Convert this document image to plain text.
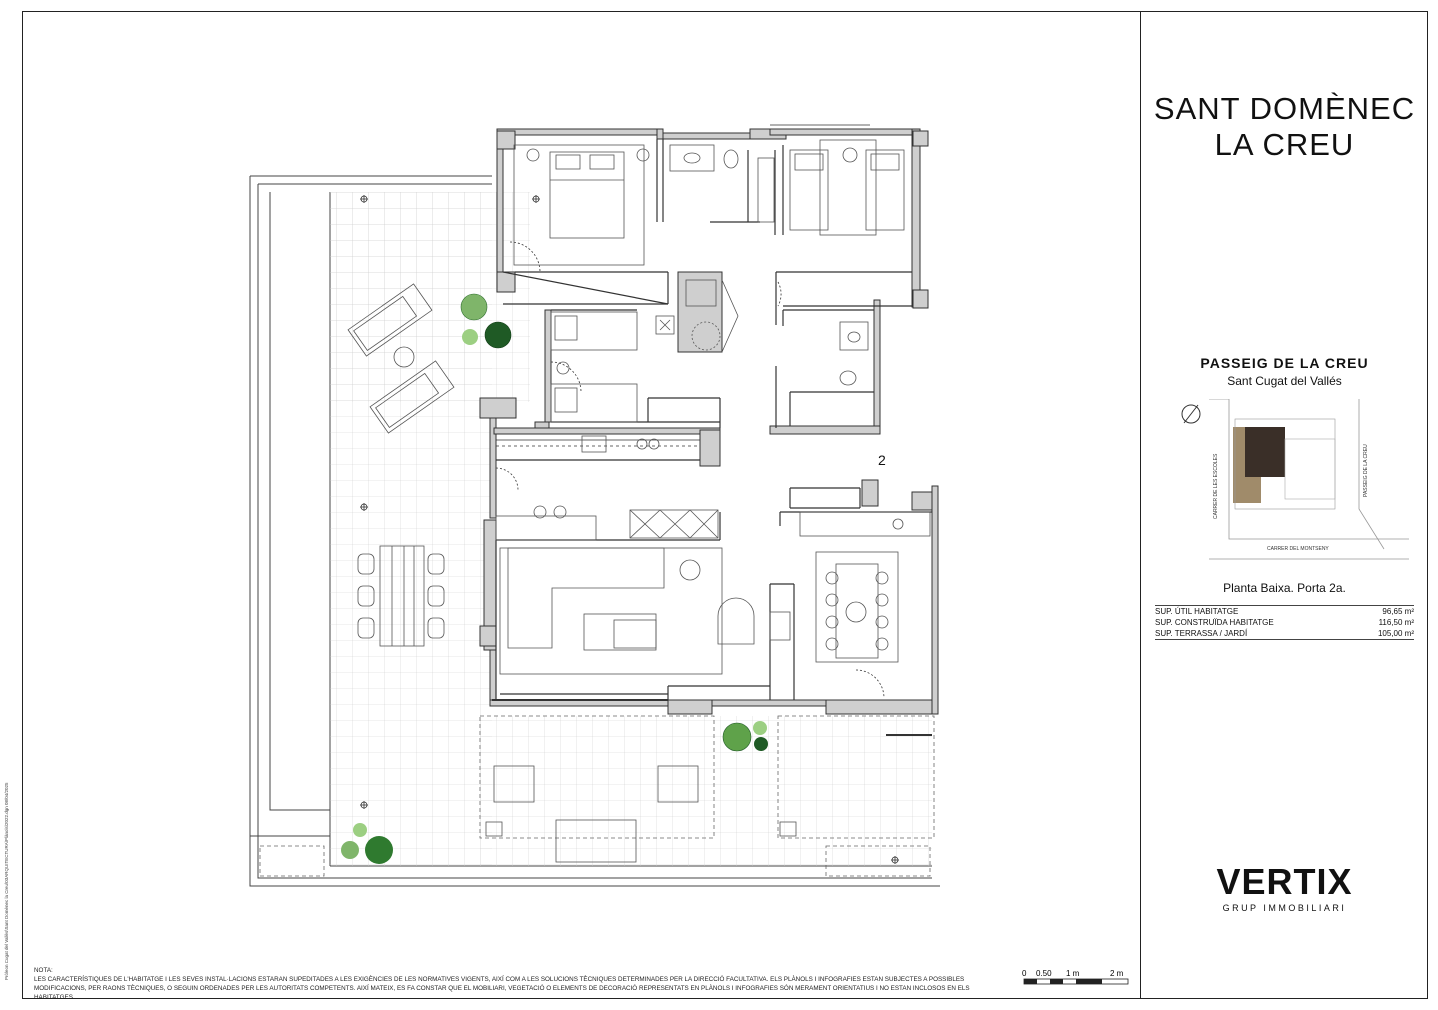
2
SANT DOMÈNEC
LA CREU
PASSEIG DE LA CREU
Sant Cugat del Vallés
CARRER DE LES ESCOLES	PASSEIG DE LA CREU
CARRER DEL MONTSENY
Planta Baixa. Porta 2a.
SUP. ÚTIL HABITATGE	96,65 m²
SUP. CONSTRUÏDA HABITATGE	116,50 m²
SUP. TERRASSA / JARDÍ	105,00 m²
VERTIX
GRUP IMMOBILIARI
NOTA:
LES CARACTERÍSTIQUES DE L'HABITATGE I LES SEVES INSTAL·LACIONS ESTARAN SUPEDITADES A LES EXIGÈNCIES DE LES NORMATIVES VIGENTS, AIXÍ COM A LES SOLUCIONS TÈCNIQUES DETERMINADES PER LA DIRECCIÓ FACULTATIVA. ELS PLÀNOLS I INFOGRAFIES ESTAN SUBJECTES A POSSIBLES
MODIFICACIONS, PER RAONS TÈCNIQUES, O SEGUIN ORDENADES PER LES AUTORITATS COMPETENTS. AIXÍ MATEIX, ES FA CONSTAR QUE EL MOBILIARI, VEGETACIÓ O ELEMENTS DE DECORACIÓ REPRESENTATS EN PLÀNOLS I INFOGRAFIES SÓN MERAMENT ORIENTATIUS I NO ESTAN INCLOSOS EN ELS HABITATGES.
0 0.50 1 m	2 m
Pròleon Cugat del Vallès\Sant Domènec la Creu\03ARQUITECTURA\Plànols\2022.dgn 08/04/2025
